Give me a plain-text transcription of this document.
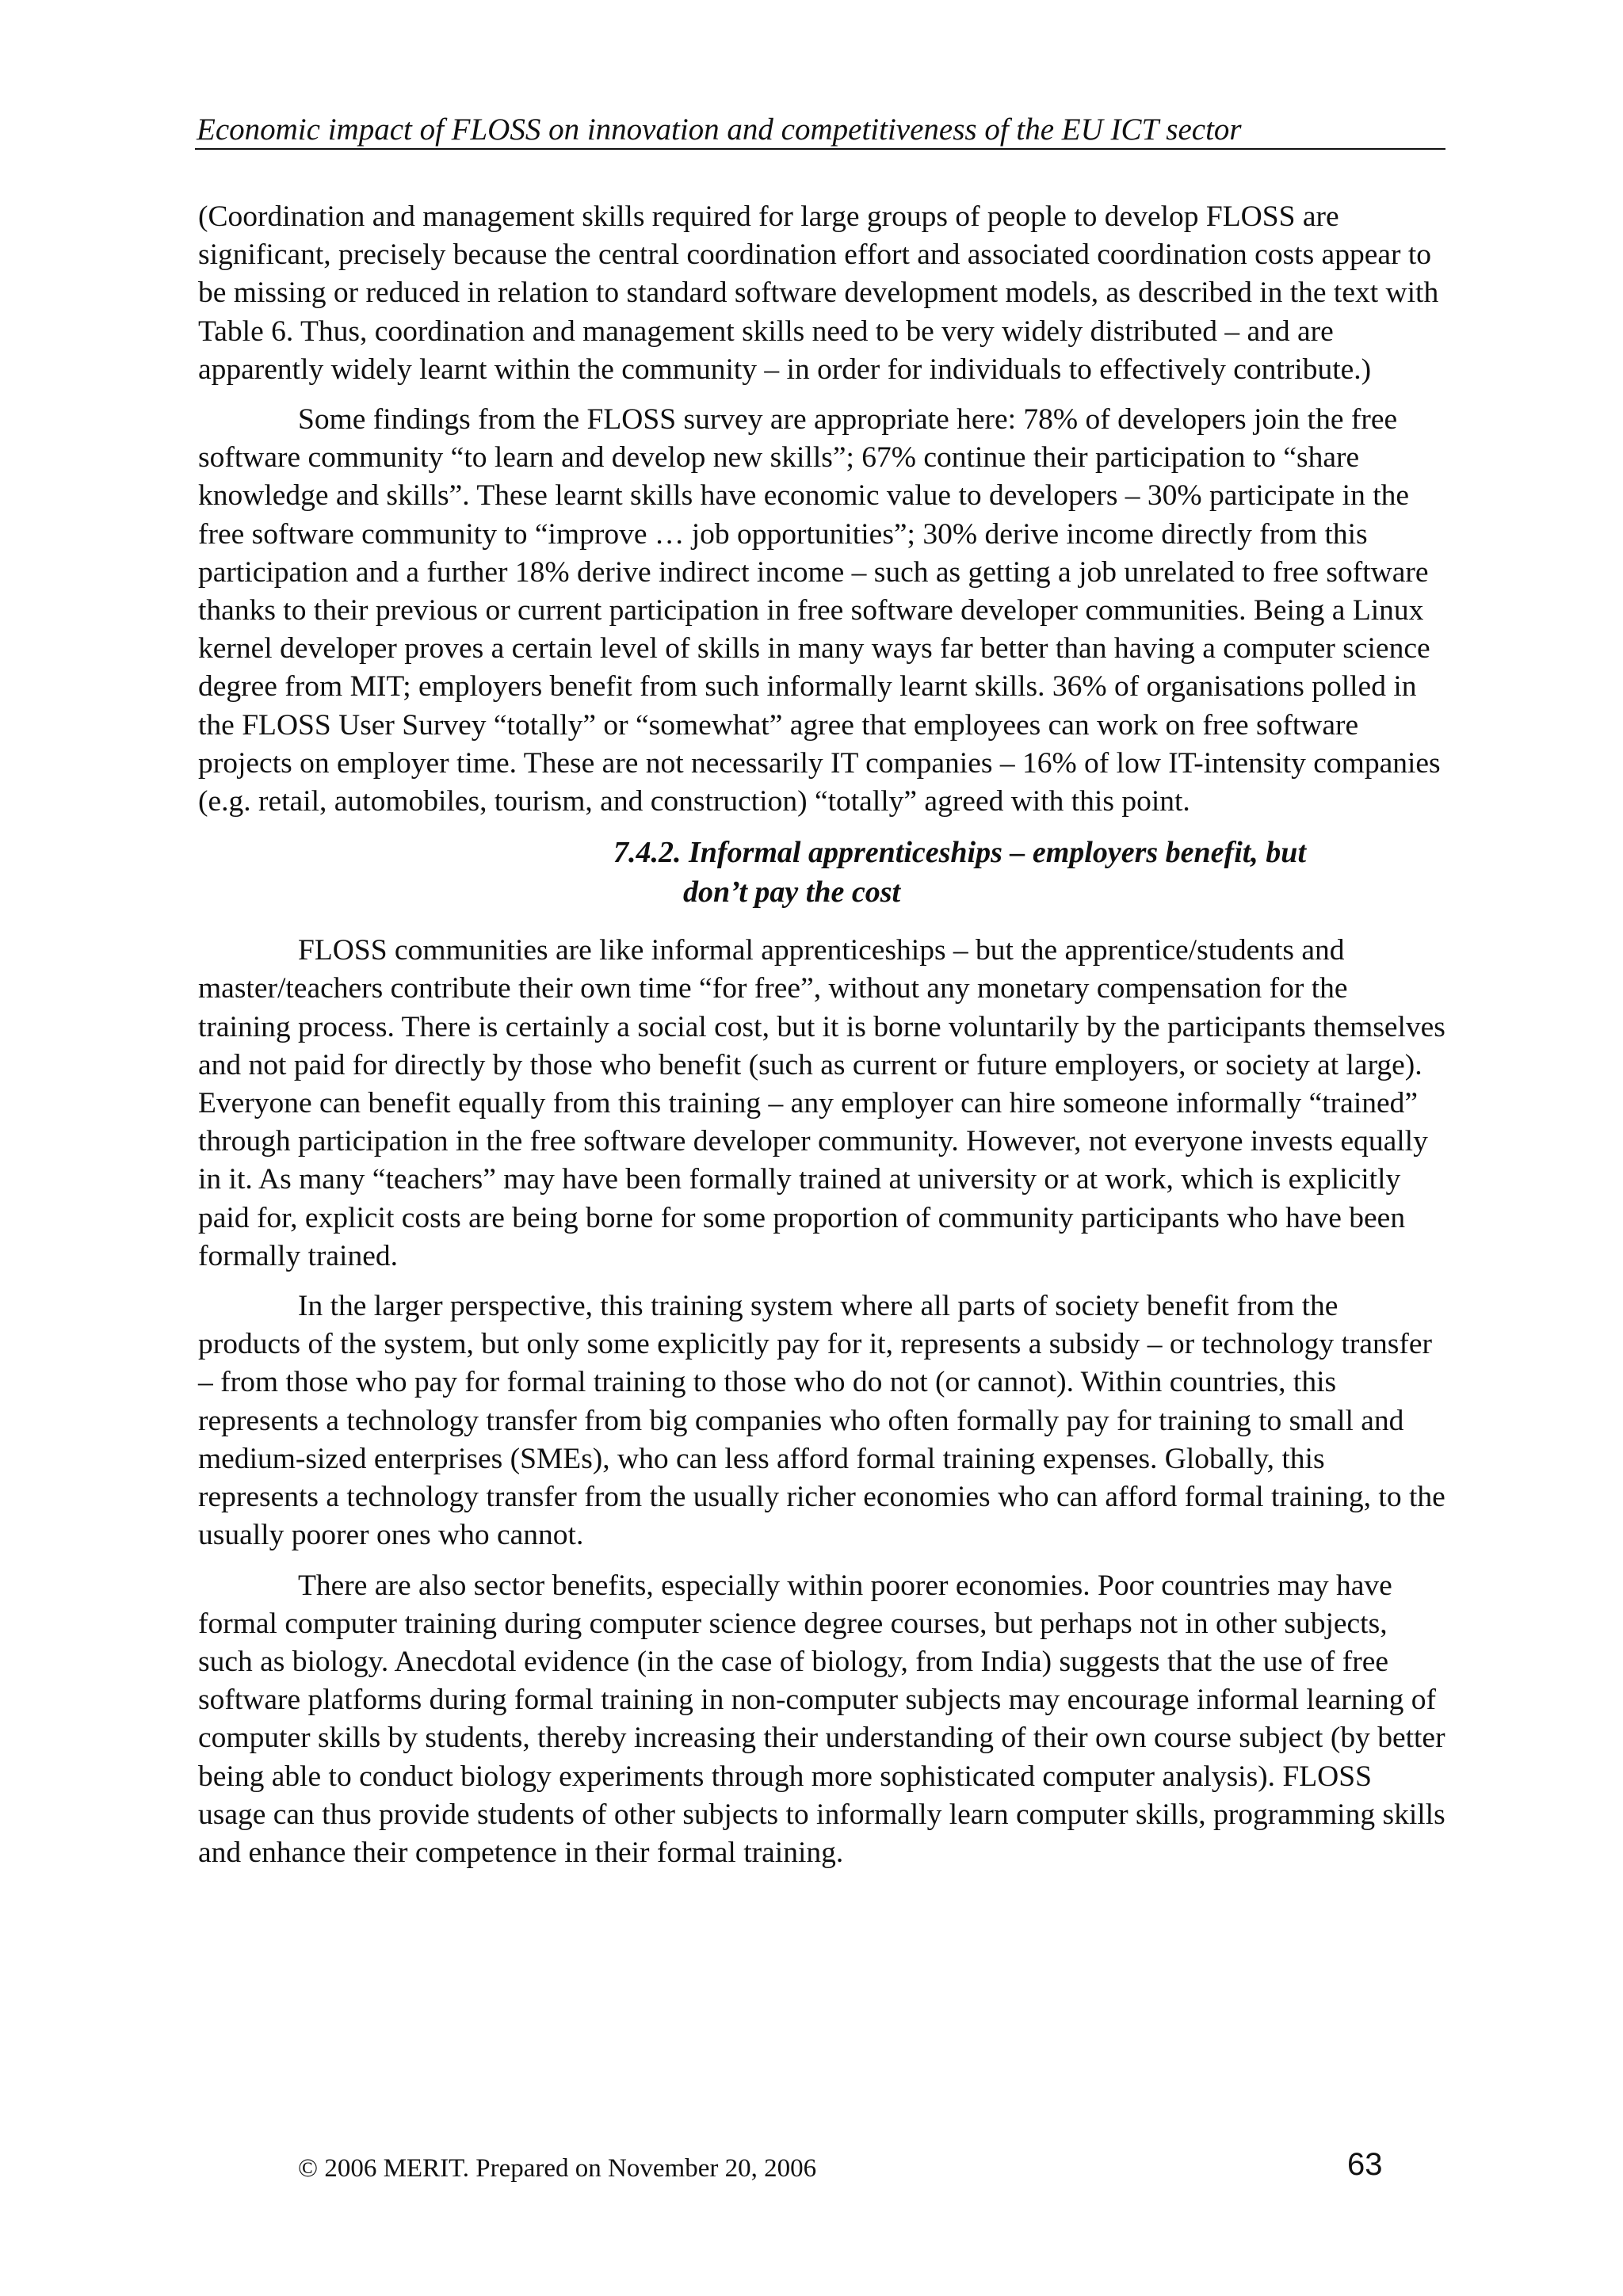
Economic impact of FLOSS on innovation and competitiveness of the EU ICT sector

(Coordination and management skills required for large groups of people to develop FLOSS are significant, precisely because the central coordination effort and associated coordination costs appear to be missing or reduced in relation to standard software development models, as described in the text with Table 6. Thus, coordination and management skills need to be very widely distributed – and are apparently widely learnt within the community – in order for individuals to effectively contribute.)

Some findings from the FLOSS survey are appropriate here: 78% of developers join the free software community “to learn and develop new skills”; 67% continue their participation to “share knowledge and skills”. These learnt skills have economic value to developers – 30% participate in the free software community to “improve … job opportunities”; 30% derive income directly from this participation and a further 18% derive indirect income – such as getting a job unrelated to free software thanks to their previous or current participation in free software developer communities. Being a Linux kernel developer proves a certain level of skills in many ways far better than having a computer science degree from MIT; employers benefit from such informally learnt skills. 36% of organisations polled in the FLOSS User Survey “totally” or “somewhat” agree that employees can work on free software projects on employer time. These are not necessarily IT companies – 16% of low IT-intensity companies (e.g. retail, automobiles, tourism, and construction) “totally” agreed with this point.

7.4.2. Informal apprenticeships – employers benefit, but
don’t pay the cost

FLOSS communities are like informal apprenticeships – but the apprentice/students and master/teachers contribute their own time “for free”, without any monetary compensation for the training process. There is certainly a social cost, but it is borne voluntarily by the participants themselves and not paid for directly by those who benefit (such as current or future employers, or society at large). Everyone can benefit equally from this training – any employer can hire someone informally “trained” through participation in the free software developer community. However, not everyone invests equally in it. As many “teachers” may have been formally trained at university or at work, which is explicitly paid for, explicit costs are being borne for some proportion of community participants who have been formally trained.

In the larger perspective, this training system where all parts of society benefit from the products of the system, but only some explicitly pay for it, represents a subsidy – or technology transfer – from those who pay for formal training to those who do not (or cannot). Within countries, this represents a technology transfer from big companies who often formally pay for training to small and medium-sized enterprises (SMEs), who can less afford formal training expenses. Globally, this represents a technology transfer from the usually richer economies who can afford formal training, to the usually poorer ones who cannot.

There are also sector benefits, especially within poorer economies. Poor countries may have formal computer training during computer science degree courses, but perhaps not in other subjects, such as biology. Anecdotal evidence (in the case of biology, from India) suggests that the use of free software platforms during formal training in non-computer subjects may encourage informal learning of computer skills by students, thereby increasing their understanding of their own course subject (by better being able to conduct biology experiments through more sophisticated computer analysis). FLOSS usage can thus provide students of other subjects to informally learn computer skills, programming skills and enhance their competence in their formal training.

© 2006 MERIT. Prepared on November 20, 2006	63
